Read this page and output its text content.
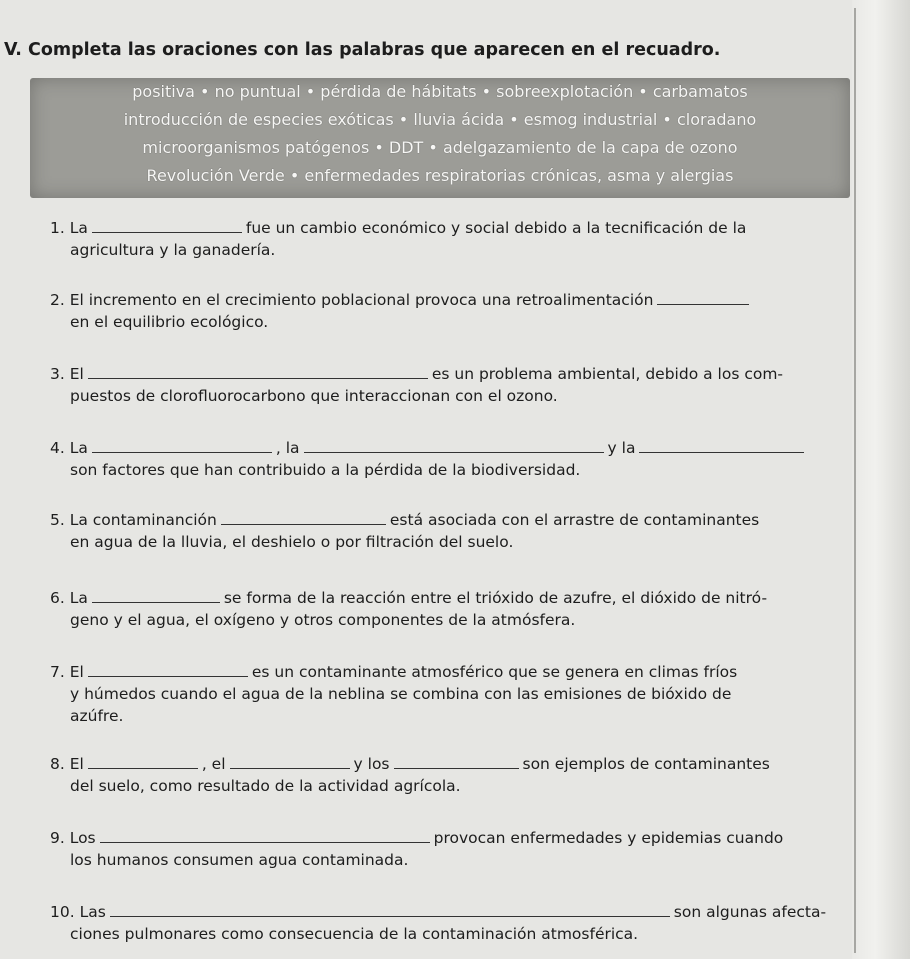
V. Completa las oraciones con las palabras que aparecen en el recuadro.
positiva • no puntual • pérdida de hábitats • sobreexplotación • carbamatos
introducción de especies exóticas • lluvia ácida • esmog industrial • cloradano
microorganismos patógenos • DDT • adelgazamiento de la capa de ozono
Revolución Verde • enfermedades respiratorias crónicas, asma y alergias
1. La	fue un cambio económico y social debido a la tecnificación de la
agricultura y la ganadería.
2. El incremento en el crecimiento poblacional provoca una retroalimentación
en el equilibrio ecológico.
3. El	es un problema ambiental, debido a los com-
puestos de clorofluorocarbono que interaccionan con el ozono.
4. La	, la	y la
son factores que han contribuido a la pérdida de la biodiversidad.
5. La contaminanción	está asociada con el arrastre de contaminantes
en agua de la lluvia, el deshielo o por filtración del suelo.
6. La	se forma de la reacción entre el trióxido de azufre, el dióxido de nitró-
geno y el agua, el oxígeno y otros componentes de la atmósfera.
7. El	es un contaminante atmosférico que se genera en climas fríos
y húmedos cuando el agua de la neblina se combina con las emisiones de bióxido de
azúfre.
8. El	, el	y los	son ejemplos de contaminantes
del suelo, como resultado de la actividad agrícola.
9. Los	provocan enfermedades y epidemias cuando
los humanos consumen agua contaminada.
10. Las	son algunas afecta-
ciones pulmonares como consecuencia de la contaminación atmosférica.
